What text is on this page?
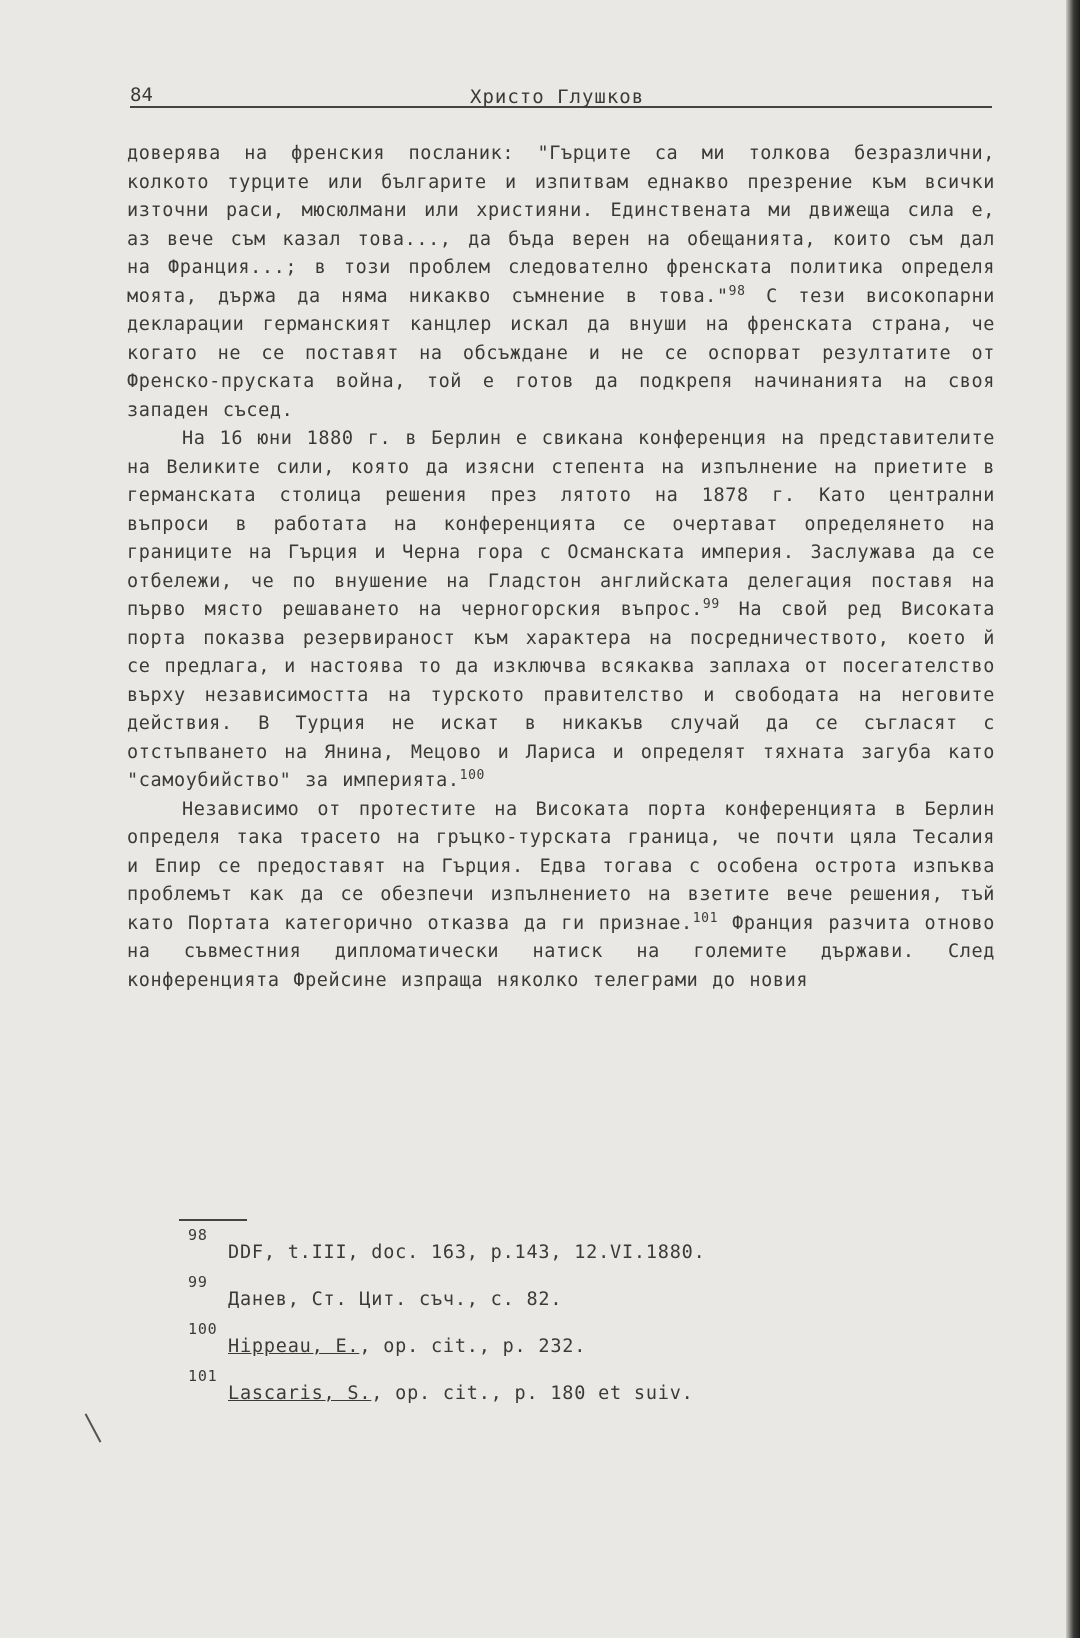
84	Христо Глушков

доверява на френския посланик: "Гърците са ми толкова безразлични, колкото турците или българите и изпитвам еднакво презрение към всички източни раси, мюсюлмани или християни. Единствената ми движеща сила е, аз вече съм казал това..., да бъда верен на обещанията, които съм дал на Франция...; в този проблем следователно френската политика определя моята, държа да няма никакво съмнение в това."$^{98}$ С тези високопарни декларации германският канцлер искал да внуши на френската страна, че когато не се поставят на обсъждане и не се оспорват резултатите от Френско-пруската война, той е готов да подкрепя начинанията на своя западен съсед.

На 16 юни 1880 г. в Берлин е свикана конференция на представителите на Великите сили, която да изясни степента на изпълнение на приетите в германската столица решения през лятото на 1878 г. Като централни въпроси в работата на конференцията се очертават определянето на границите на Гърция и Черна гора с Османската империя. Заслужава да се отбележи, че по внушение на Гладстон английската делегация поставя на първо място решаването на черногорския въпрос.$^{99}$ На свой ред Високата порта показва резервираност към характера на посредничеството, което й се предлага, и настоява то да изключва всякаква заплаха от посегателство върху независимостта на турското правителство и свободата на неговите действия. В Турция не искат в никакъв случай да се съгласят с отстъпването на Янина, Мецово и Лариса и определят тяхната загуба като "самоубийство" за империята.$^{100}$

Независимо от протестите на Високата порта конференцията в Берлин определя така трасето на гръцко-турската граница, че почти цяла Тесалия и Епир се предоставят на Гърция. Едва тогава с особена острота изпъква проблемът как да се обезпечи изпълнението на взетите вече решения, тъй като Портата категорично отказва да ги признае.$^{101}$ Франция разчита отново на съвместния дипломатически натиск на големите държави. След конференцията Фрейсине изпраща няколко телеграми до новия

98
DDF, t.III, doc. 163, p.143, 12.VI.1880.
99
Данев, Ст. Цит. съч., с. 82.
100
Hippeau, E., op. cit., p. 232.
101
Lascaris, S., op. cit., p. 180 et suiv.
